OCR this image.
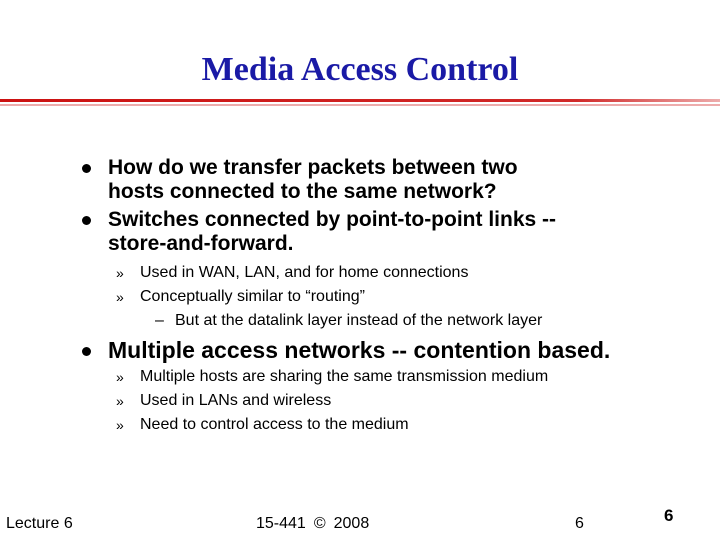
Media Access Control
How do we transfer packets between two
hosts connected to the same network?
Switches connected by point-to-point links --
store-and-forward.
» Used in WAN, LAN, and for home connections
» Conceptually similar to “routing”
– But at the datalink layer instead of the network layer
Multiple access networks -- contention based.
» Multiple hosts are sharing the same transmission medium
» Used in LANs and wireless
» Need to control access to the medium
Lecture 6	15-441 © 2008	6	6
